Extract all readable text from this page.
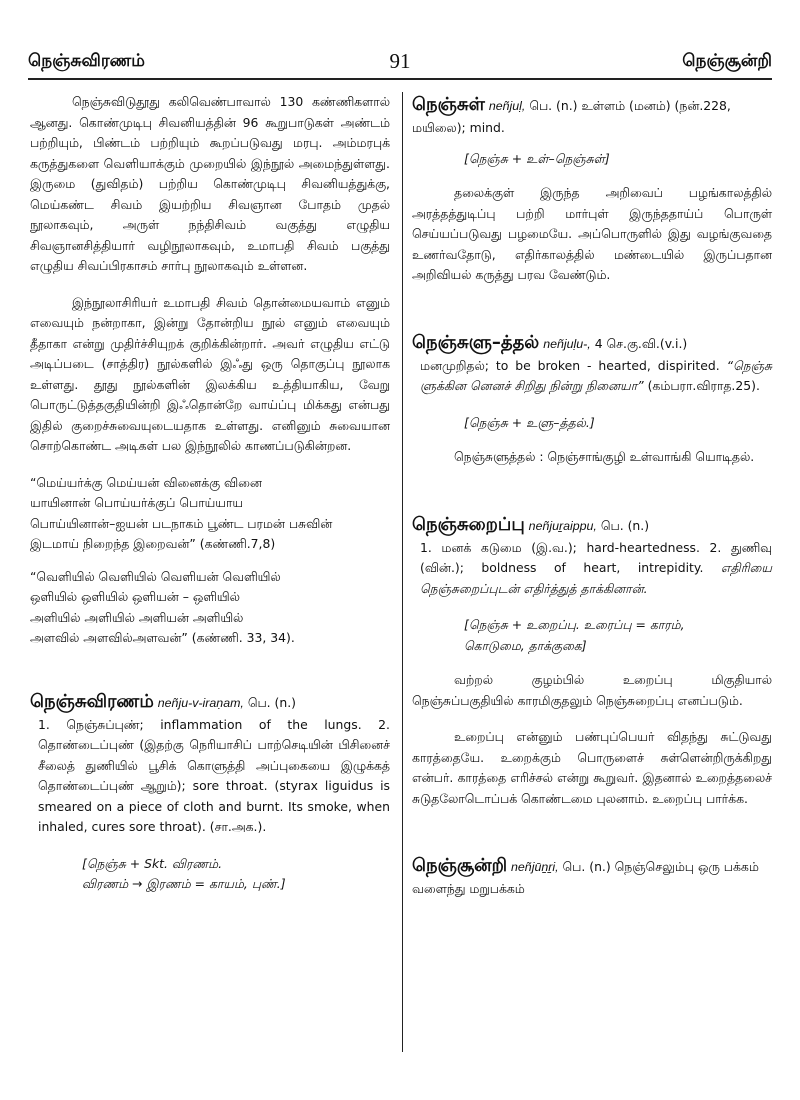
நெஞ்சுவிரணம்	91	நெஞ்சூன்றி

நெஞ்சுவிடுதூது கலிவெண்பாவால் 130 கண்ணிகளால் ஆனது. கொண்முடிபு சிவனியத்தின் 96 கூறுபாடுகள் அண்டம் பற்றியும், பிண்டம் பற்றியும் கூறப்படுவது மரபு. அம்மரபுக் கருத்துகளை வெளியாக்கும் முறையில் இந்நூல் அமைந்துள்ளது. இருமை (துவிதம்) பற்றிய கொண்முடிபு சிவனியத்துக்கு, மெய்கண்ட சிவம் இயற்றிய சிவஞான போதம் முதல் நூலாகவும், அருள் நந்திசிவம் வகுத்து எழுதிய சிவஞானசித்தியார் வழிநூலாகவும், உமாபதி சிவம் பகுத்து எழுதிய சிவப்பிரகாசம் சார்பு நூலாகவும் உள்ளன.

இந்நூலாசிரியர் உமாபதி சிவம் தொன்மையவாம் எனும் எவையும் நன்றாகா, இன்று தோன்றிய நூல் எனும் எவையும் தீதாகா என்று முதிர்ச்சியுறக் குறிக்கின்றார். அவர் எழுதிய எட்டு அடிப்படை (சாத்திர) நூல்களில் இஃது ஒரு தொகுப்பு நூலாக உள்ளது. தூது நூல்களின் இலக்கிய உத்தியாகிய, வேறு பொருட்டுத்தகுதியின்றி இஃதொன்றே வாய்ப்பு மிக்கது என்பது இதில் குறைச்சுவையுடையதாக உள்ளது. எனினும் சுவையான சொற்கொண்ட அடிகள் பல இந்நூலில் காணப்படுகின்றன.

“மெய்யர்க்கு மெய்யன் வினைக்கு வினை
யாயினான் பொய்யர்க்குப் பொய்யாய
பொய்யினான்–ஐயன் படநாகம் பூண்ட பரமன் பசுவின்
இடமாய் நிறைந்த இறைவன்” (கண்ணி.7,8)
“வெளியில் வெளியில் வெளியன் வெளியில்
ஒளியில் ஒளியில் ஒளியன் – ஒளியில்
அளியில் அளியில் அளியன் அளியில்
அளவில் அளவில்அளவன்” (கண்ணி. 33, 34).
நெஞ்சுவிரணம் neñju-v-iraṇam, பெ. (n.)

1. நெஞ்சுப்புண்; inflammation of the lungs. 2. தொண்டைப்புண் (இதற்கு நெரியாசிப் பாற்செடியின் பிசினைச் சீலைத் துணியில் பூசிக் கொளுத்தி அப்புகையை இழுக்கத் தொண்டைப்புண் ஆறும்); sore throat. (styrax liguidus is smeared on a piece of cloth and burnt. Its smoke, when inhaled, cures sore throat). (சா.அக.).

[நெஞ்சு + Skt. விரணம்.
விரணம் → இரணம் = காயம், புண்.]
நெஞ்சுள் neñjuḷ, பெ. (n.) உள்ளம் (மனம்) (நன்.228, மயிலை); mind.
[நெஞ்சு + உள்–நெஞ்சுள்]

தலைக்குள் இருந்த அறிவைப் பழங்காலத்தில் அரத்தத்துடிப்பு பற்றி மார்புள் இருந்ததாய்ப் பொருள் செய்யப்படுவது பழமையே. அப்பொருளில் இது வழங்குவதை உணர்வதோடு, எதிர்காலத்தில் மண்டையில் இருப்பதான அறிவியல் கருத்து பரவ வேண்டும்.

நெஞ்சுளு–த்தல் neñjuḷu-, 4 செ.கு.வி.(v.i.)

மனமுறிதல்; to be broken - hearted, dispirited. “நெஞ்சு ளுக்கின னெனச் சிறிது நின்று நினையா” (கம்பரா.விராத.25).

[நெஞ்சு + உளு–த்தல்.]

நெஞ்சுளுத்தல் : நெஞ்சாங்குழி உள்வாங்கி யொடிதல்.

நெஞ்சுறைப்பு neñjuṟaippu, பெ. (n.)

1. மனக் கடுமை (இ.வ.); hard-heartedness. 2. துணிவு (வின்.); boldness of heart, intrepidity. எதிரியை நெஞ்சுறைப்புடன் எதிர்த்துத் தாக்கினான்.

[நெஞ்சு + உறைப்பு. உரைப்பு = காரம்,
கொடுமை, தாக்குகை]

வற்றல் குழம்பில் உறைப்பு மிகுதியால் நெஞ்சுப்பகுதியில் காரமிகுதலும் நெஞ்சுறைப்பு எனப்படும்.

உறைப்பு என்னும் பண்புப்பெயர் விதந்து சுட்டுவது காரத்தையே. உறைக்கும் பொருளைச் சுள்ளென்றிருக்கிறது என்பர். காரத்தை எரிச்சல் என்று கூறுவர். இதனால் உறைத்தலைச் சுடுதலோடொப்பக் கொண்டமை புலனாம். உறைப்பு பார்க்க.

நெஞ்சூன்றி neñjūṉṟi, பெ. (n.) நெஞ்செலும்பு ஒரு பக்கம் வளைந்து மறுபக்கம்
